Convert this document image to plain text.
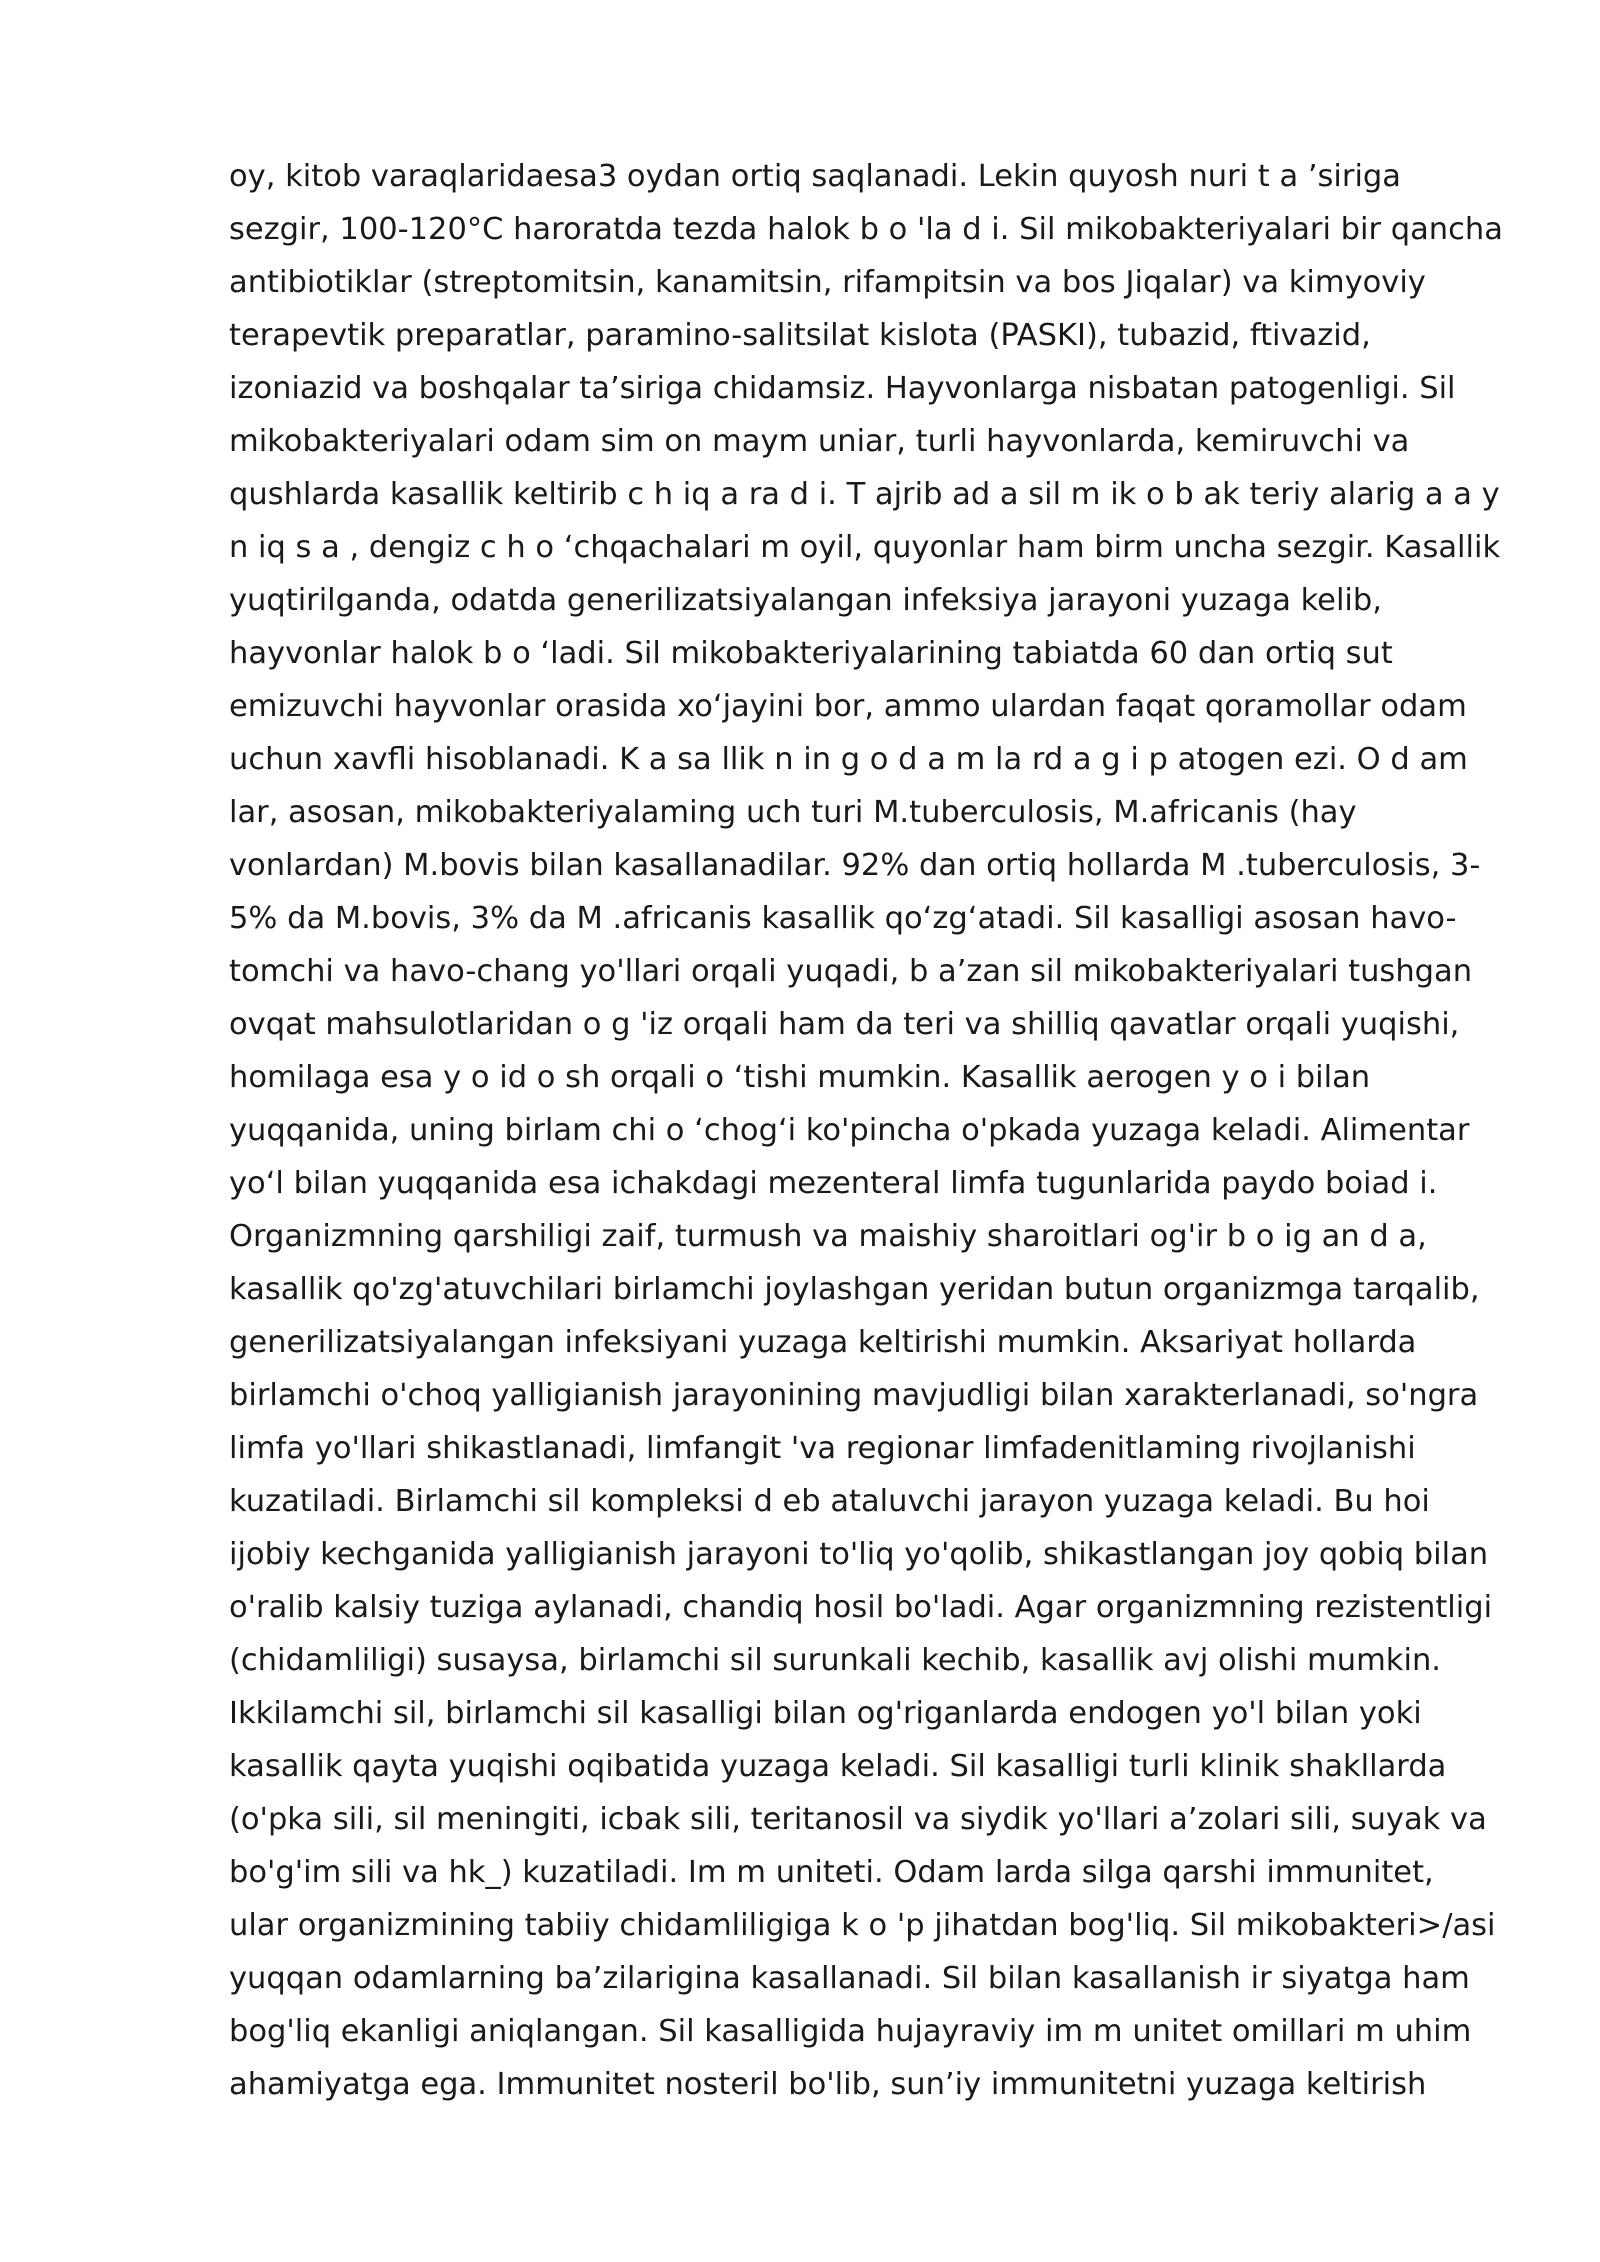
oy, kitob varaqlaridaesa3 oydan ortiq saqlanadi. Lekin quyosh nuri t a ’siriga
sezgir, 100-120°C haroratda tezda halok b o 'la d i. Sil mikobakteriyalari bir qancha
antibiotiklar (streptomitsin, kanamitsin, rifampitsin va bos Jiqalar) va kimyoviy
terapevtik preparatlar, paramino-salitsilat kislota (PASKI), tubazid, ftivazid,
izoniazid va boshqalar ta’siriga chidamsiz. Hayvonlarga nisbatan patogenligi. Sil
mikobakteriyalari odam sim on maym uniar, turli hayvonlarda, kemiruvchi va
qushlarda kasallik keltirib c h iq a ra d i. T ajrib ad a sil m ik o b ak teriy alarig a a y
n iq s a , dengiz c h o ‘chqachalari m oyil, quyonlar ham birm uncha sezgir. Kasallik
yuqtirilganda, odatda generilizatsiyalangan infeksiya jarayoni yuzaga kelib,
hayvonlar halok b o ‘ladi. Sil mikobakteriyalarining tabiatda 60 dan ortiq sut
emizuvchi hayvonlar orasida xo‘jayini bor, ammo ulardan faqat qoramollar odam
uchun xavfli hisoblanadi. K a sa llik n in g o d a m la rd a g i p atogen ezi. O d am
lar, asosan, mikobakteriyalaming uch turi M.tuberculosis, M.africanis (hay
vonlardan) M.bovis bilan kasallanadilar. 92% dan ortiq hollarda M .tuberculosis, 3-
5% da M.bovis, 3% da M .africanis kasallik qo‘zg‘atadi. Sil kasalligi asosan havo-
tomchi va havo-chang yo'llari orqali yuqadi, b a’zan sil mikobakteriyalari tushgan
ovqat mahsulotlaridan o g 'iz orqali ham da teri va shilliq qavatlar orqali yuqishi,
homilaga esa y o id o sh orqali o ‘tishi mumkin. Kasallik aerogen y o i bilan
yuqqanida, uning birlam chi o ‘chog‘i ko'pincha o'pkada yuzaga keladi. Alimentar
yo‘l bilan yuqqanida esa ichakdagi mezenteral limfa tugunlarida paydo boiad i.
Organizmning qarshiligi zaif, turmush va maishiy sharoitlari og'ir b o ig an d a,
kasallik qo'zg'atuvchilari birlamchi joylashgan yeridan butun organizmga tarqalib,
generilizatsiyalangan infeksiyani yuzaga keltirishi mumkin. Aksariyat hollarda
birlamchi o'choq yalligianish jarayonining mavjudligi bilan xarakterlanadi, so'ngra
limfa yo'llari shikastlanadi, limfangit 'va regionar limfadenitlaming rivojlanishi
kuzatiladi. Birlamchi sil kompleksi d eb ataluvchi jarayon yuzaga keladi. Bu hoi
ijobiy kechganida yalligianish jarayoni to'liq yo'qolib, shikastlangan joy qobiq bilan
o'ralib kalsiy tuziga aylanadi, chandiq hosil bo'ladi. Agar organizmning rezistentligi
(chidamliligi) susaysa, birlamchi sil surunkali kechib, kasallik avj olishi mumkin.
Ikkilamchi sil, birlamchi sil kasalligi bilan og'riganlarda endogen yo'l bilan yoki
kasallik qayta yuqishi oqibatida yuzaga keladi. Sil kasalligi turli klinik shakllarda
(o'pka sili, sil meningiti, icbak sili, teritanosil va siydik yo'llari a’zolari sili, suyak va
bo'g'im sili va hk_) kuzatiladi. Im m uniteti. Odam larda silga qarshi immunitet,
ular organizmining tabiiy chidamliligiga k o 'p jihatdan bog'liq. Sil mikobakteri>/asi
yuqqan odamlarning ba’zilarigina kasallanadi. Sil bilan kasallanish ir siyatga ham
bog'liq ekanligi aniqlangan. Sil kasalligida hujayraviy im m unitet omillari m uhim
ahamiyatga ega. Immunitet nosteril bo'lib, sun’iy immunitetni yuzaga keltirish
